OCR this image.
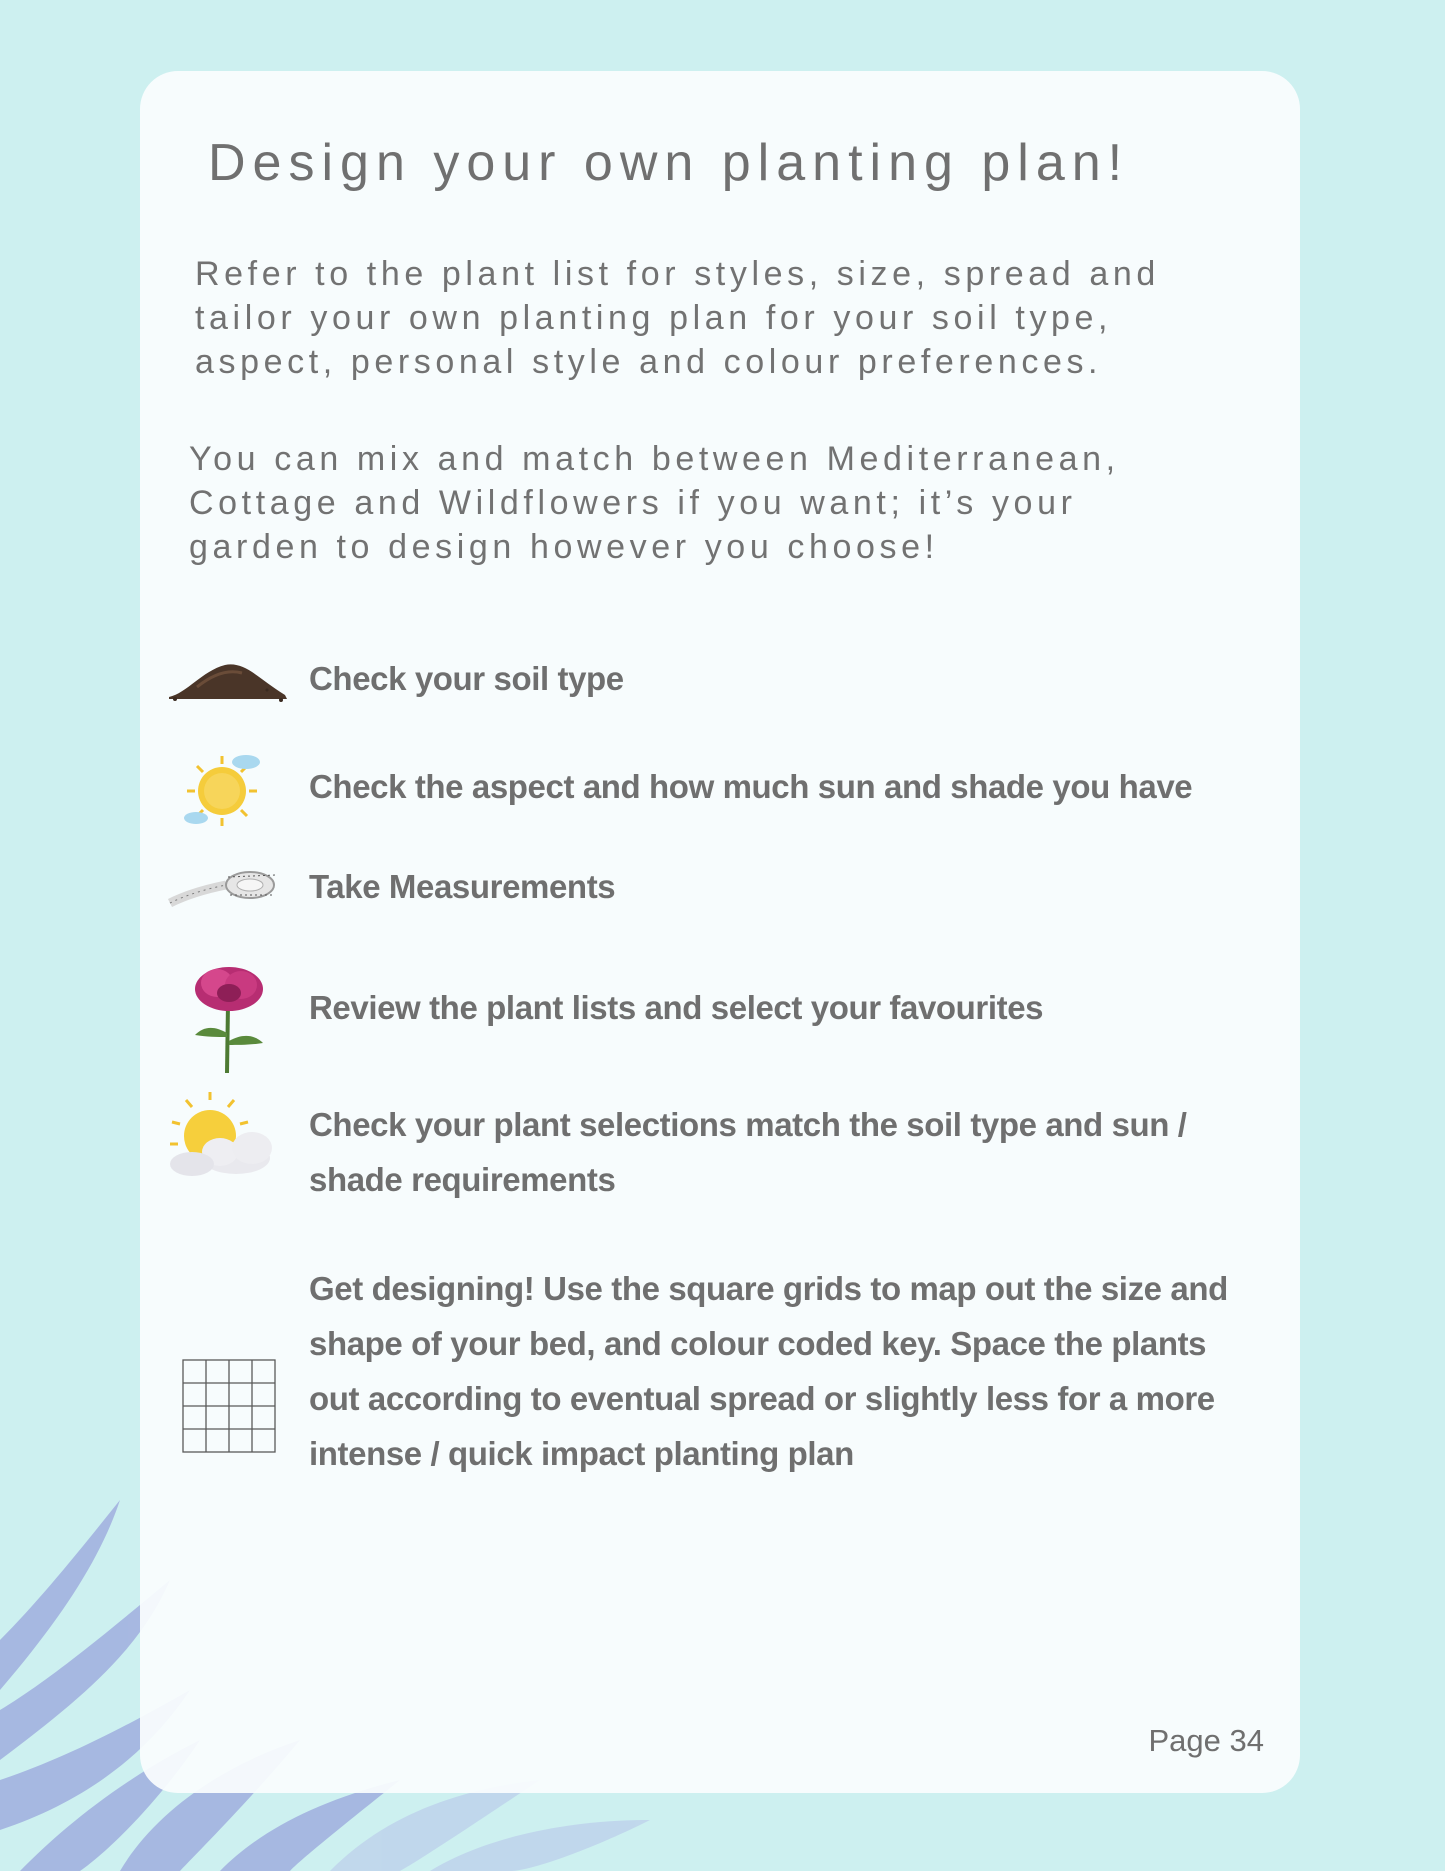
Design your own planting plan!

Refer to the plant list for styles, size, spread and
tailor your own planting plan for your soil type,
aspect, personal style and colour preferences.

You can mix and match between Mediterranean,
Cottage and Wildflowers if you want; it’s your
garden to design however you choose!

Check your soil type

Check the aspect and how much sun and shade you have

Take Measurements

Review the plant lists and select your favourites

Check your plant selections match the soil type and sun / shade requirements

Get designing! Use the square grids to map out the size and shape of your bed, and colour coded key. Space the plants out according to eventual spread or slightly less for a more intense / quick impact planting plan

Page 34
